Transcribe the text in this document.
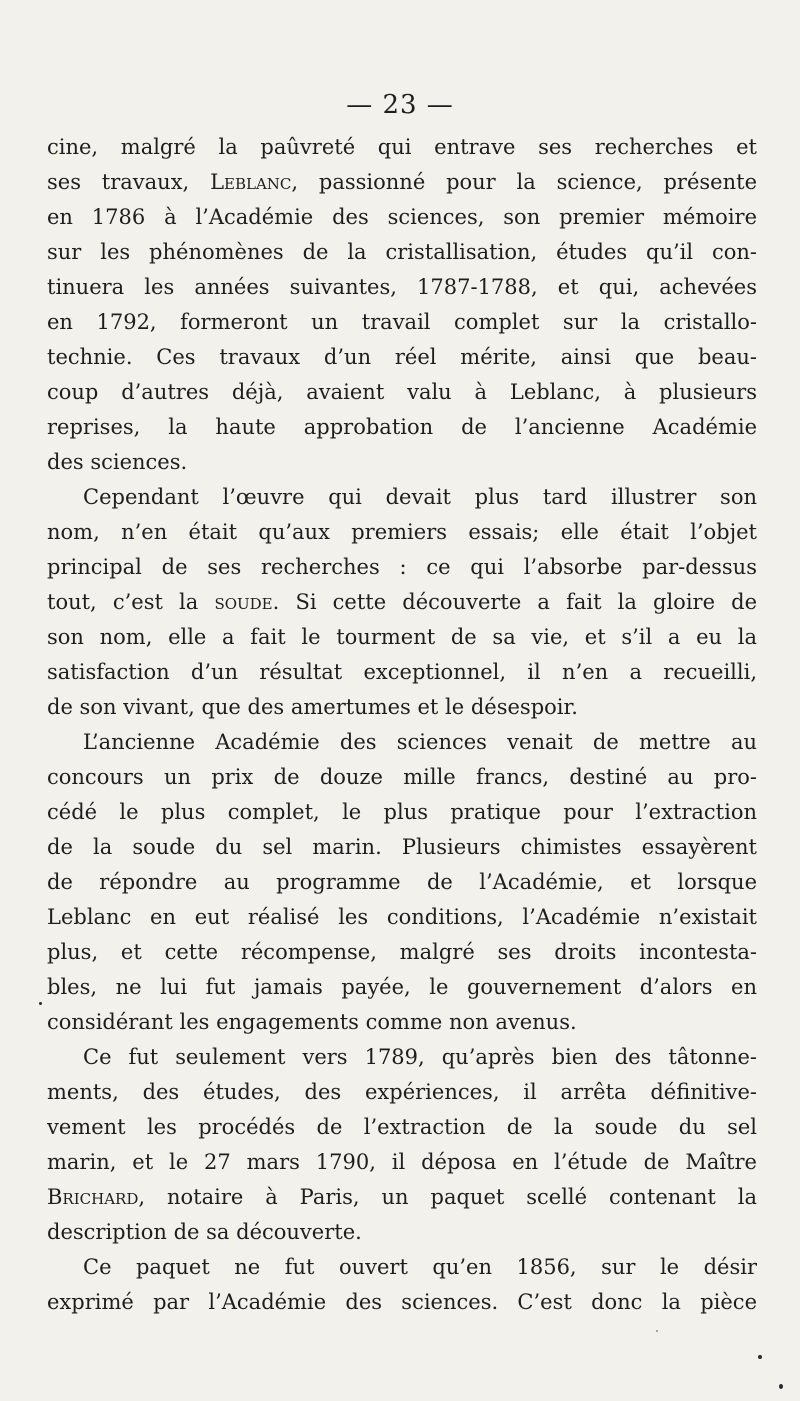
— 23 —
cine, malgré la paûvreté qui entrave ses recherches et
ses travaux, Leblanc, passionné pour la science, présente
en 1786 à l’Académie des sciences, son premier mémoire
sur les phénomènes de la cristallisation, études qu’il con-
tinuera les années suivantes, 1787-1788, et qui, achevées
en 1792, formeront un travail complet sur la cristallo-
technie. Ces travaux d’un réel mérite, ainsi que beau-
coup d’autres déjà, avaient valu à Leblanc, à plusieurs
reprises, la haute approbation de l’ancienne Académie
des sciences.
Cependant l’œuvre qui devait plus tard illustrer son
nom, n’en était qu’aux premiers essais; elle était l’objet
principal de ses recherches : ce qui l’absorbe par-dessus
tout, c’est la soude. Si cette découverte a fait la gloire de
son nom, elle a fait le tourment de sa vie, et s’il a eu la
satisfaction d’un résultat exceptionnel, il n’en a recueilli,
de son vivant, que des amertumes et le désespoir.
L’ancienne Académie des sciences venait de mettre au
concours un prix de douze mille francs, destiné au pro-
cédé le plus complet, le plus pratique pour l’extraction
de la soude du sel marin. Plusieurs chimistes essayèrent
de répondre au programme de l’Académie, et lorsque
Leblanc en eut réalisé les conditions, l’Académie n’existait
plus, et cette récompense, malgré ses droits incontesta-
bles, ne lui fut jamais payée, le gouvernement d’alors en
considérant les engagements comme non avenus.
Ce fut seulement vers 1789, qu’après bien des tâtonne-
ments, des études, des expériences, il arrêta définitive-
vement les procédés de l’extraction de la soude du sel
marin, et le 27 mars 1790, il déposa en l’étude de Maître
Brichard, notaire à Paris, un paquet scellé contenant la
description de sa découverte.
Ce paquet ne fut ouvert qu’en 1856, sur le désir
exprimé par l’Académie des sciences. C’est donc la pièce
